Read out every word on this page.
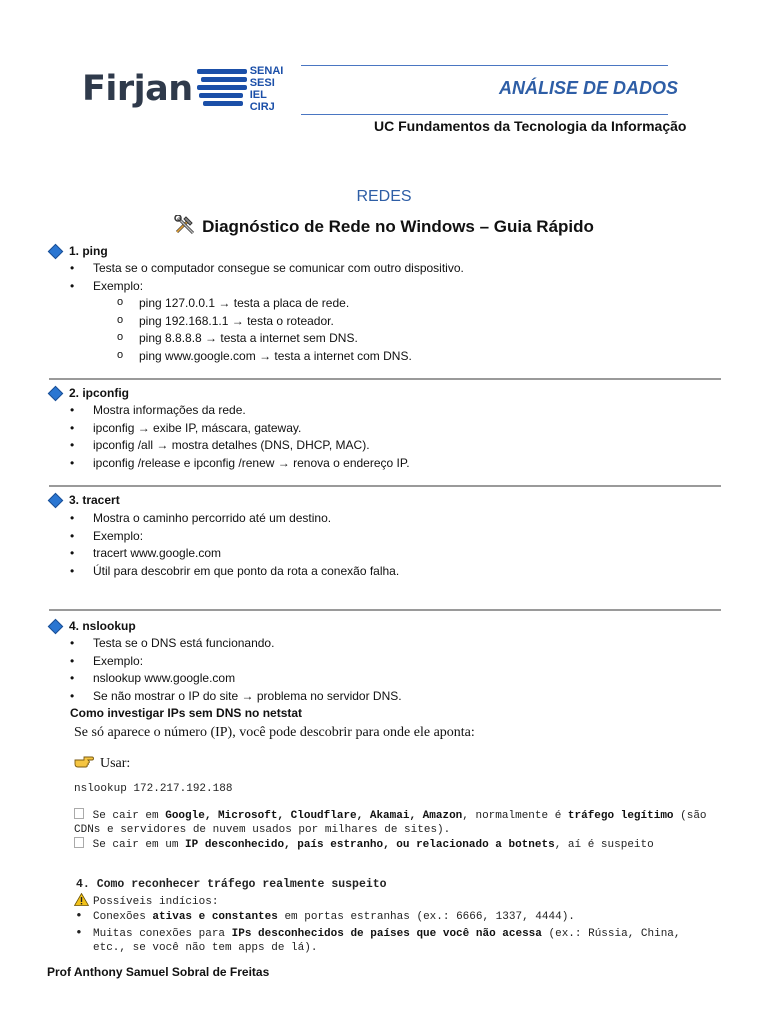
Firjan	SENAI
SESI
IEL
CIRJ
ANÁLISE DE DADOS
UC Fundamentos da Tecnologia da Informação
REDES
Diagnóstico de Rede no Windows – Guia Rápido
1. ping
• Testa se o computador consegue se comunicar com outro dispositivo.
• Exemplo:
o ping 127.0.0.1 → testa a placa de rede.
o ping 192.168.1.1 → testa o roteador.
o ping 8.8.8.8 → testa a internet sem DNS.
o ping www.google.com → testa a internet com DNS.
2. ipconfig
• Mostra informações da rede.
• ipconfig → exibe IP, máscara, gateway.
• ipconfig /all → mostra detalhes (DNS, DHCP, MAC).
• ipconfig /release e ipconfig /renew → renova o endereço IP.
3. tracert
• Mostra o caminho percorrido até um destino.
• Exemplo:
• tracert www.google.com
• Útil para descobrir em que ponto da rota a conexão falha.
4. nslookup
• Testa se o DNS está funcionando.
• Exemplo:
• nslookup www.google.com
• Se não mostrar o IP do site → problema no servidor DNS.
Como investigar IPs sem DNS no netstat
Se só aparece o número (IP), você pode descobrir para onde ele aponta:
Usar:
nslookup 172.217.192.188
Se cair em Google, Microsoft, Cloudflare, Akamai, Amazon, normalmente é tráfego legítimo (são CDNs e servidores de nuvem usados por milhares de sites).
Se cair em um IP desconhecido, país estranho, ou relacionado a botnets, aí é suspeito
4. Como reconhecer tráfego realmente suspeito
Possíveis indícios:
• Conexões ativas e constantes em portas estranhas (ex.: 6666, 1337, 4444).
• Muitas conexões para IPs desconhecidos de países que você não acessa (ex.: Rússia, China, etc., se você não tem apps de lá).
Prof Anthony Samuel Sobral de Freitas
